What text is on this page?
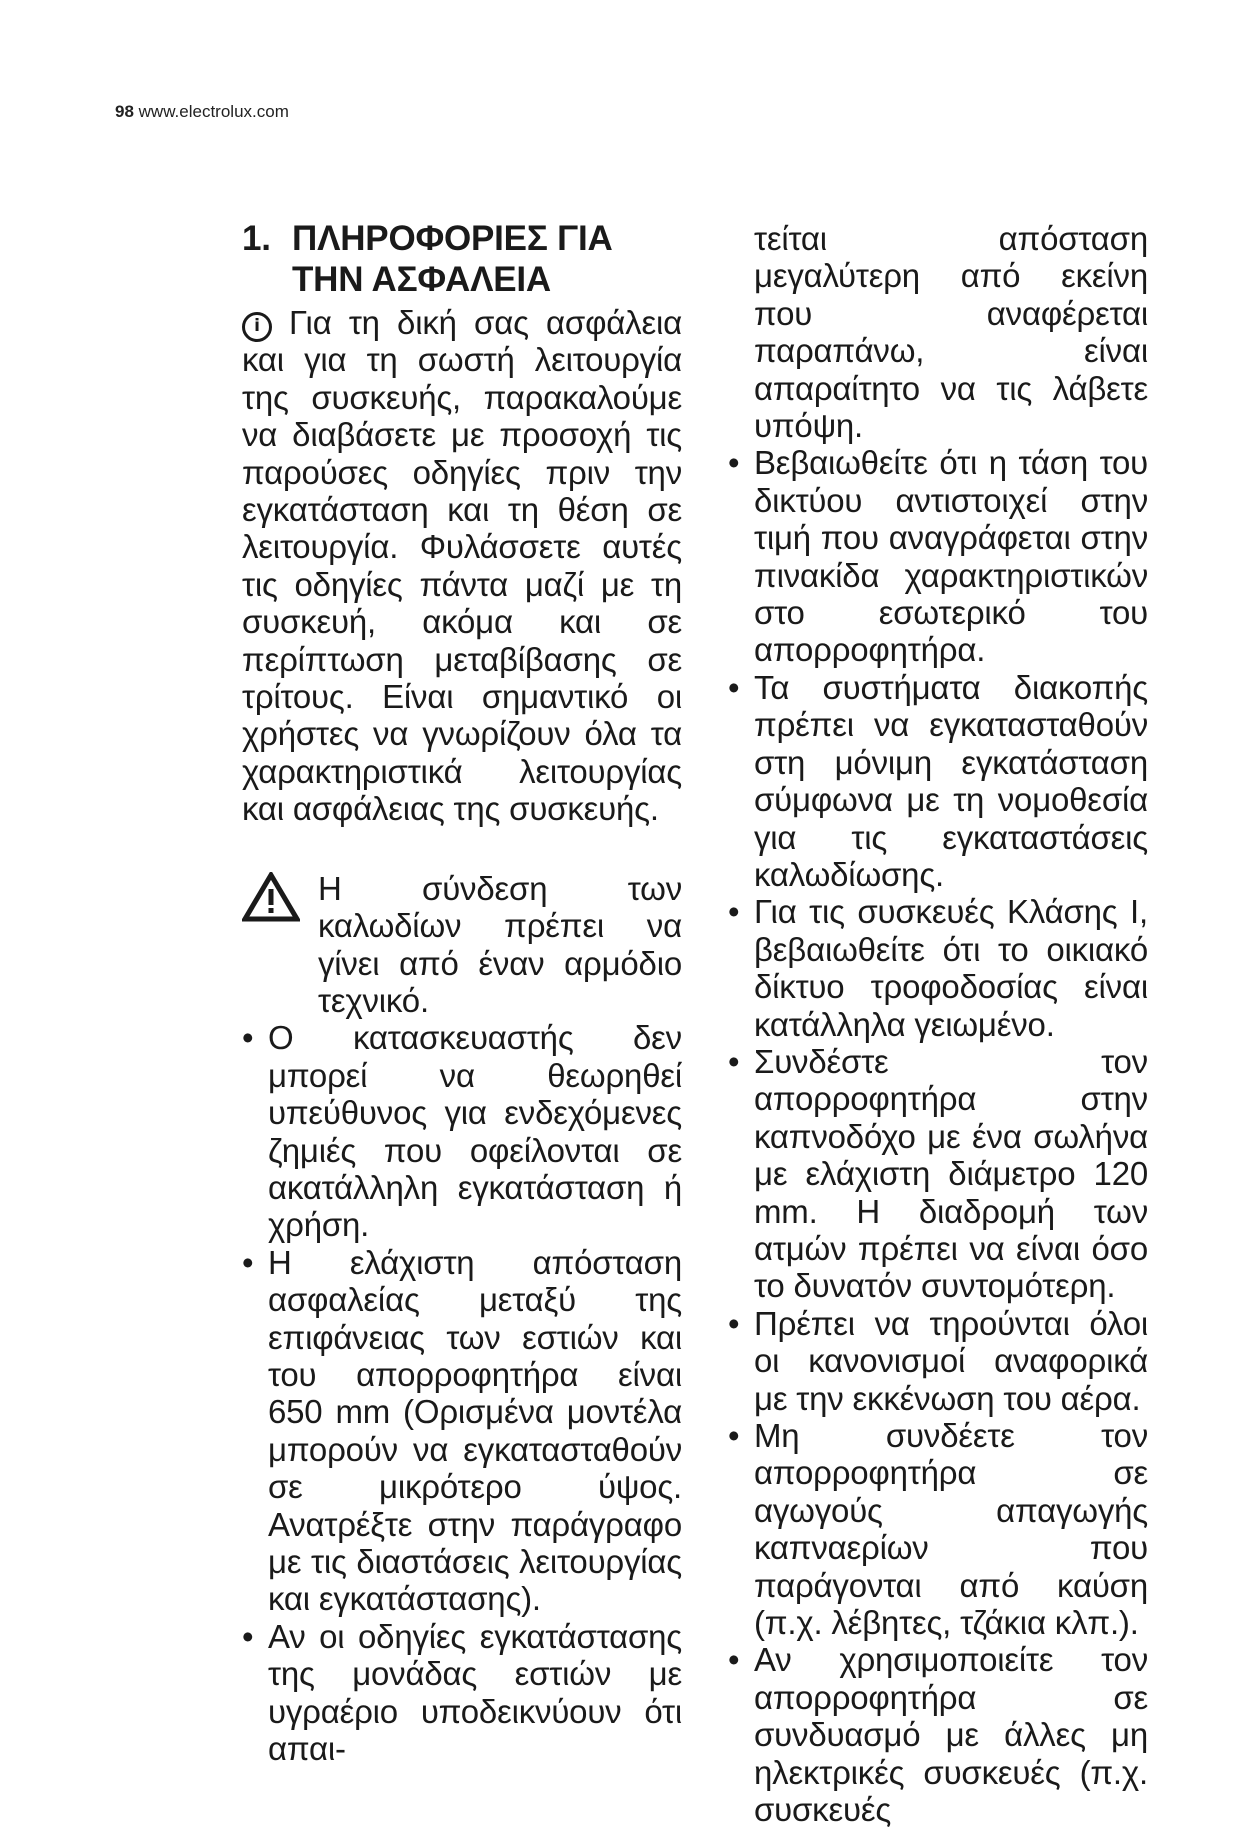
98 www.electrolux.com
1. ΠΛΗΡΟΦΟΡΙΕΣ ΓΙΑ ΤΗΝ ΑΣΦΑΛΕΙΑ
i Για τη δική σας ασφάλεια και για τη σωστή λειτουργία της συσκευής, παρακαλούμε να διαβάσετε με προσοχή τις παρούσες οδηγίες πριν την εγκατάσταση και τη θέση σε λειτουργία. Φυλάσσετε αυτές τις οδηγίες πάντα μαζί με τη συσκευή, ακόμα και σε περίπτωση μεταβίβασης σε τρίτους. Είναι σημαντικό οι χρήστες να γνωρίζουν όλα τα χαρακτηριστικά λειτουργίας και ασφάλειας της συσκευής.

Η σύνδεση των καλωδίων πρέπει να γίνει από έναν αρμόδιο τεχνικό.

• Ο κατασκευαστής δεν μπορεί να θεωρηθεί υπεύθυνος για ενδεχόμενες ζημιές που οφείλονται σε ακατάλληλη εγκατάσταση ή χρήση.
• Η ελάχιστη απόσταση ασφαλείας μεταξύ της επιφάνειας των εστιών και του απορροφητήρα είναι 650 mm (Ορισμένα μοντέλα μπορούν να εγκατασταθούν σε μικρότερο ύψος. Ανατρέξτε στην παράγραφο με τις διαστάσεις λειτουργίας και εγκατάστασης).
• Αν οι οδηγίες εγκατάστασης της μονάδας εστιών με υγραέριο υποδεικνύουν ότι απαι-

τείται απόσταση μεγαλύτερη από εκείνη που αναφέρεται παραπάνω, είναι απαραίτητο να τις λάβετε υπόψη.

• Βεβαιωθείτε ότι η τάση του δικτύου αντιστοιχεί στην τιμή που αναγράφεται στην πινακίδα χαρακτηριστικών στο εσωτερικό του απορροφητήρα.
• Τα συστήματα διακοπής πρέπει να εγκατασταθούν στη μόνιμη εγκατάσταση σύμφωνα με τη νομοθεσία για τις εγκαταστάσεις καλωδίωσης.
• Για τις συσκευές Κλάσης I, βεβαιωθείτε ότι το οικιακό δίκτυο τροφοδοσίας είναι κατάλληλα γειωμένο.
• Συνδέστε τον απορροφητήρα στην καπνοδόχο με ένα σωλήνα με ελάχιστη διάμετρο 120 mm. Η διαδρομή των ατμών πρέπει να είναι όσο το δυνατόν συντομότερη.
• Πρέπει να τηρούνται όλοι οι κανονισμοί αναφορικά με την εκκένωση του αέρα.
• Μη συνδέετε τον απορροφητήρα σε αγωγούς απαγωγής καπναερίων που παράγονται από καύση (π.χ. λέβητες, τζάκια κλπ.).
• Αν χρησιμοποιείτε τον απορροφητήρα σε συνδυασμό με άλλες μη ηλεκτρικές συσκευές (π.χ. συσκευές
